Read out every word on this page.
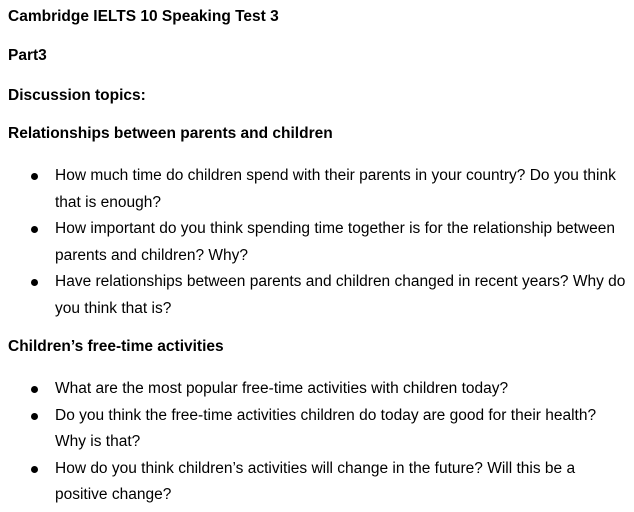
Cambridge IELTS 10 Speaking Test 3

Part3

Discussion topics:

Relationships between parents and children

How much time do children spend with their parents in your country? Do you think that is enough?
How important do you think spending time together is for the relationship between parents and children? Why?
Have relationships between parents and children changed in recent years? Why do you think that is?

Children’s free-time activities

What are the most popular free-time activities with children today?
Do you think the free-time activities children do today are good for their health? Why is that?
How do you think children’s activities will change in the future? Will this be a positive change?
